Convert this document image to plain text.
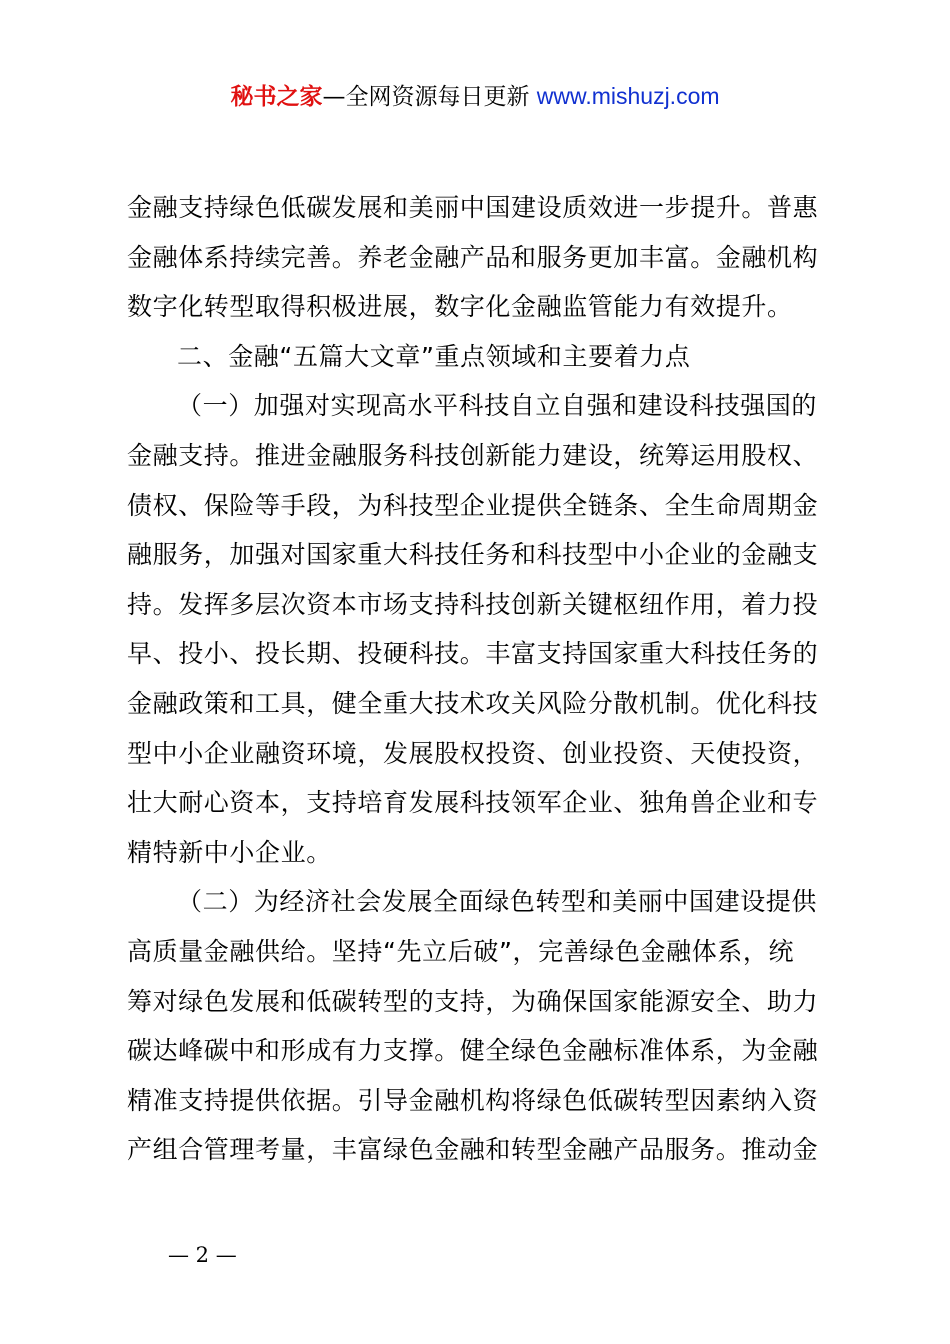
秘书之家—全网资源每日更新 www.mishuzj.com

金融支持绿色低碳发展和美丽中国建设质效进一步提升。普惠
金融体系持续完善。养老金融产品和服务更加丰富。金融机构
数字化转型取得积极进展，数字化金融监管能力有效提升。

二、金融“五篇大文章”重点领域和主要着力点

（一）加强对实现高水平科技自立自强和建设科技强国的
金融支持。推进金融服务科技创新能力建设，统筹运用股权、
债权、保险等手段，为科技型企业提供全链条、全生命周期金
融服务，加强对国家重大科技任务和科技型中小企业的金融支
持。发挥多层次资本市场支持科技创新关键枢纽作用，着力投
早、投小、投长期、投硬科技。丰富支持国家重大科技任务的
金融政策和工具，健全重大技术攻关风险分散机制。优化科技
型中小企业融资环境，发展股权投资、创业投资、天使投资，
壮大耐心资本，支持培育发展科技领军企业、独角兽企业和专
精特新中小企业。

（二）为经济社会发展全面绿色转型和美丽中国建设提供
高质量金融供给。坚持“先立后破”，完善绿色金融体系，统
筹对绿色发展和低碳转型的支持，为确保国家能源安全、助力
碳达峰碳中和形成有力支撑。健全绿色金融标准体系，为金融
精准支持提供依据。引导金融机构将绿色低碳转型因素纳入资
产组合管理考量，丰富绿色金融和转型金融产品服务。推动金

— 2 —
